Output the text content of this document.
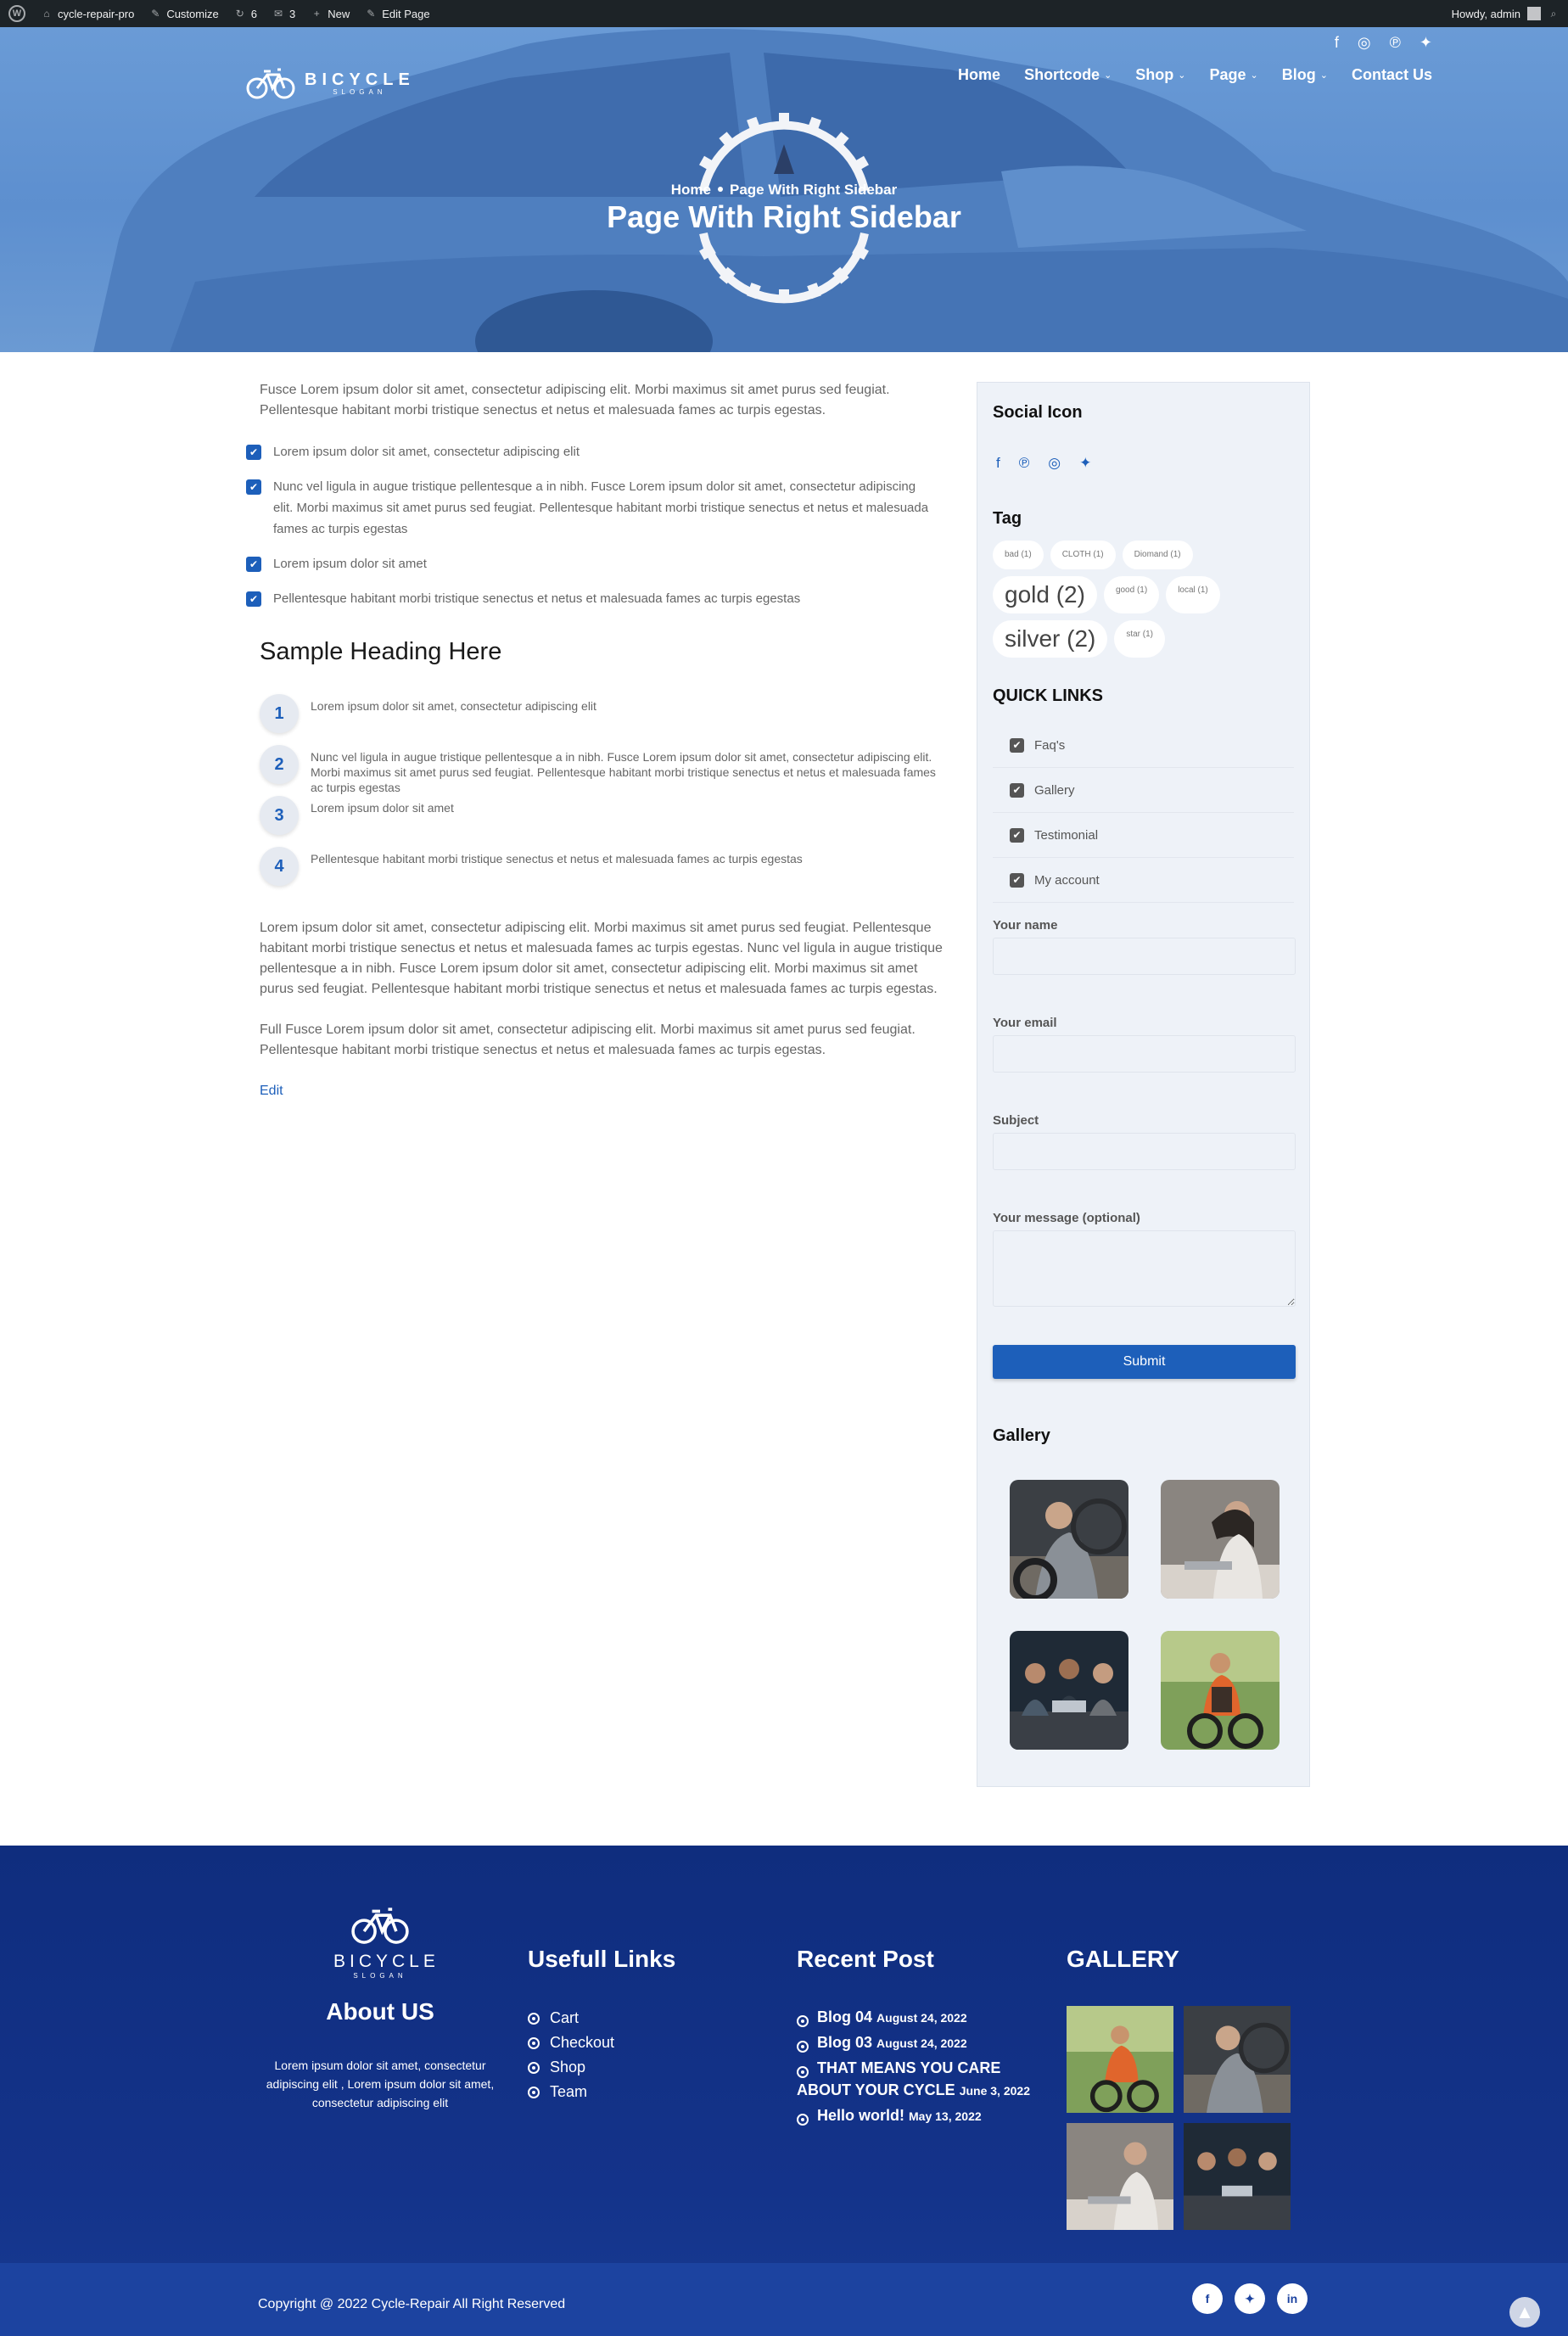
W	⌂ cycle-repair-pro ✎ Customize ↻ 6 ✉ 3 + New ✎ Edit Page	Howdy, admin	⌕
BICYCLE
SLOGAN
f ◎ ℗ ✦
Home Shortcode ⌄ Shop ⌄ Page ⌄ Blog ⌄ Contact Us
Home Page With Right Sidebar
Page With Right Sidebar

Fusce Lorem ipsum dolor sit amet, consectetur adipiscing elit. Morbi maximus sit amet purus sed feugiat. Pellentesque habitant morbi tristique senectus et netus et malesuada fames ac turpis egestas.

✔ Lorem ipsum dolor sit amet, consectetur adipiscing elit
✔ Nunc vel ligula in augue tristique pellentesque a in nibh. Fusce Lorem ipsum dolor sit amet, consectetur adipiscing elit. Morbi maximus sit amet purus sed feugiat. Pellentesque habitant morbi tristique senectus et netus et malesuada fames ac turpis egestas
✔ Lorem ipsum dolor sit amet
✔ Pellentesque habitant morbi tristique senectus et netus et malesuada fames ac turpis egestas
Sample Heading Here
1	Lorem ipsum dolor sit amet, consectetur adipiscing elit
2	Nunc vel ligula in augue tristique pellentesque a in nibh. Fusce Lorem ipsum dolor sit amet, consectetur adipiscing elit. Morbi maximus sit amet purus sed feugiat. Pellentesque habitant morbi tristique senectus et netus et malesuada fames ac turpis egestas
3	Lorem ipsum dolor sit amet
4	Pellentesque habitant morbi tristique senectus et netus et malesuada fames ac turpis egestas

Lorem ipsum dolor sit amet, consectetur adipiscing elit. Morbi maximus sit amet purus sed feugiat. Pellentesque habitant morbi tristique senectus et netus et malesuada fames ac turpis egestas. Nunc vel ligula in augue tristique pellentesque a in nibh. Fusce Lorem ipsum dolor sit amet, consectetur adipiscing elit. Morbi maximus sit amet purus sed feugiat. Pellentesque habitant morbi tristique senectus et netus et malesuada fames ac turpis egestas.

Full Fusce Lorem ipsum dolor sit amet, consectetur adipiscing elit. Morbi maximus sit amet purus sed feugiat. Pellentesque habitant morbi tristique senectus et netus et malesuada fames ac turpis egestas.

Edit
Social Icon
f ℗ ◎ ✦
Tag
bad (1)	CLOTH (1)	Diomand (1)
gold (2)	good (1)	local (1)
silver (2)	star (1)
QUICK LINKS
✔ Faq's
✔ Gallery
✔ Testimonial
✔ My account
Your name
Your email
Subject
Your message (optional)
Submit
Gallery
BICYCLE
SLOGAN
About US
Lorem ipsum dolor sit amet, consectetur adipiscing elit , Lorem ipsum dolor sit amet, consectetur adipiscing elit
Usefull Links
Cart
Checkout
Shop
Team
Recent Post
Blog 04 August 24, 2022
Blog 03 August 24, 2022
THAT MEANS YOU CARE ABOUT YOUR CYCLE June 3, 2022
Hello world! May 13, 2022
GALLERY
Copyright @ 2022 Cycle-Repair All Right Reserved	f	✦	in
▲
